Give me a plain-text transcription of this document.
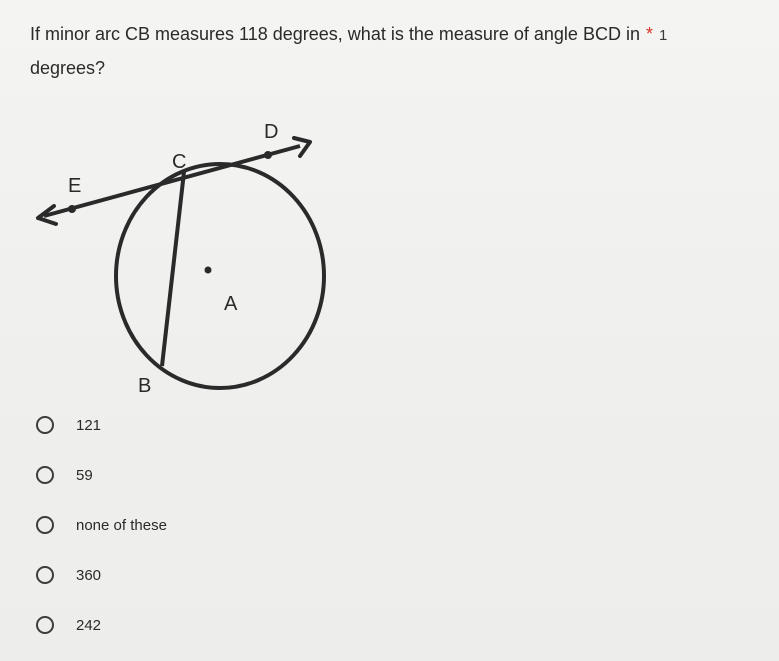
If minor arc CB measures 118 degrees, what is the measure of angle BCD in * 1
degrees?
D
C
E
A
B
121
59
none of these
360
242
